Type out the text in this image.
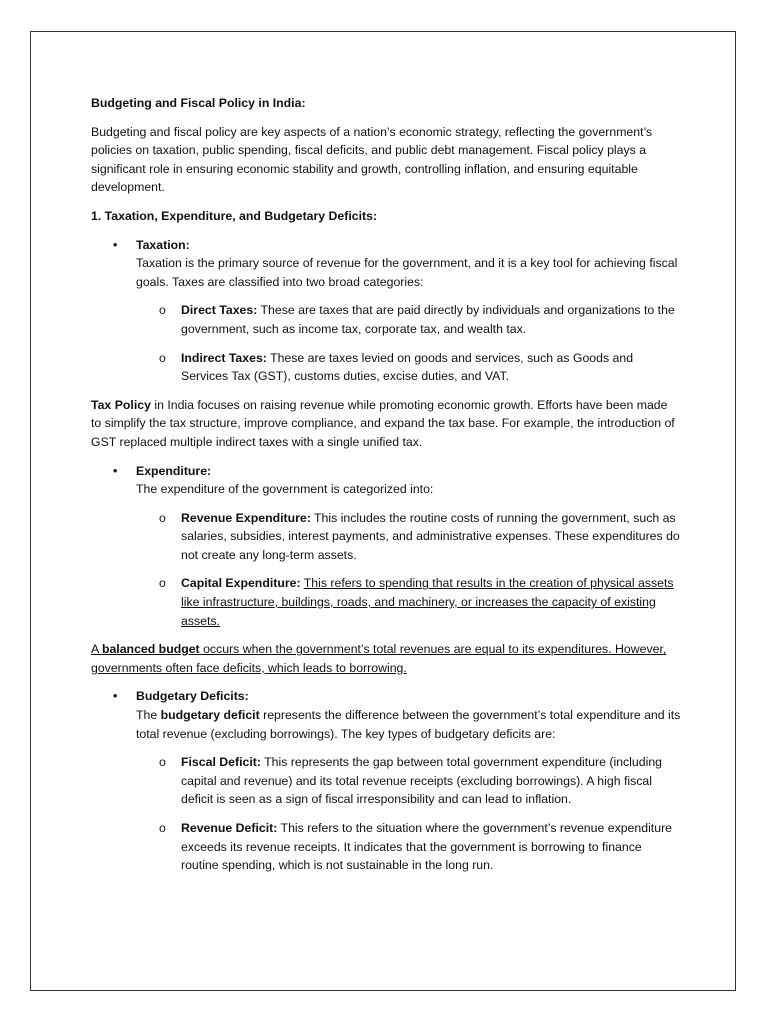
Budgeting and Fiscal Policy in India:

Budgeting and fiscal policy are key aspects of a nation’s economic strategy, reflecting the government’s policies on taxation, public spending, fiscal deficits, and public debt management. Fiscal policy plays a significant role in ensuring economic stability and growth, controlling inflation, and ensuring equitable development.

1. Taxation, Expenditure, and Budgetary Deficits:

• Taxation:
Taxation is the primary source of revenue for the government, and it is a key tool for achieving fiscal goals. Taxes are classified into two broad categories:
o Direct Taxes: These are taxes that are paid directly by individuals and organizations to the government, such as income tax, corporate tax, and wealth tax.
o Indirect Taxes: These are taxes levied on goods and services, such as Goods and Services Tax (GST), customs duties, excise duties, and VAT.

Tax Policy in India focuses on raising revenue while promoting economic growth. Efforts have been made to simplify the tax structure, improve compliance, and expand the tax base. For example, the introduction of GST replaced multiple indirect taxes with a single unified tax.

• Expenditure:
The expenditure of the government is categorized into:
o Revenue Expenditure: This includes the routine costs of running the government, such as salaries, subsidies, interest payments, and administrative expenses. These expenditures do not create any long-term assets.
o Capital Expenditure: This refers to spending that results in the creation of physical assets like infrastructure, buildings, roads, and machinery, or increases the capacity of existing assets.

A balanced budget occurs when the government’s total revenues are equal to its expenditures. However, governments often face deficits, which leads to borrowing.

• Budgetary Deficits:
The budgetary deficit represents the difference between the government’s total expenditure and its total revenue (excluding borrowings). The key types of budgetary deficits are:
o Fiscal Deficit: This represents the gap between total government expenditure (including capital and revenue) and its total revenue receipts (excluding borrowings). A high fiscal deficit is seen as a sign of fiscal irresponsibility and can lead to inflation.
o Revenue Deficit: This refers to the situation where the government’s revenue expenditure exceeds its revenue receipts. It indicates that the government is borrowing to finance routine spending, which is not sustainable in the long run.
